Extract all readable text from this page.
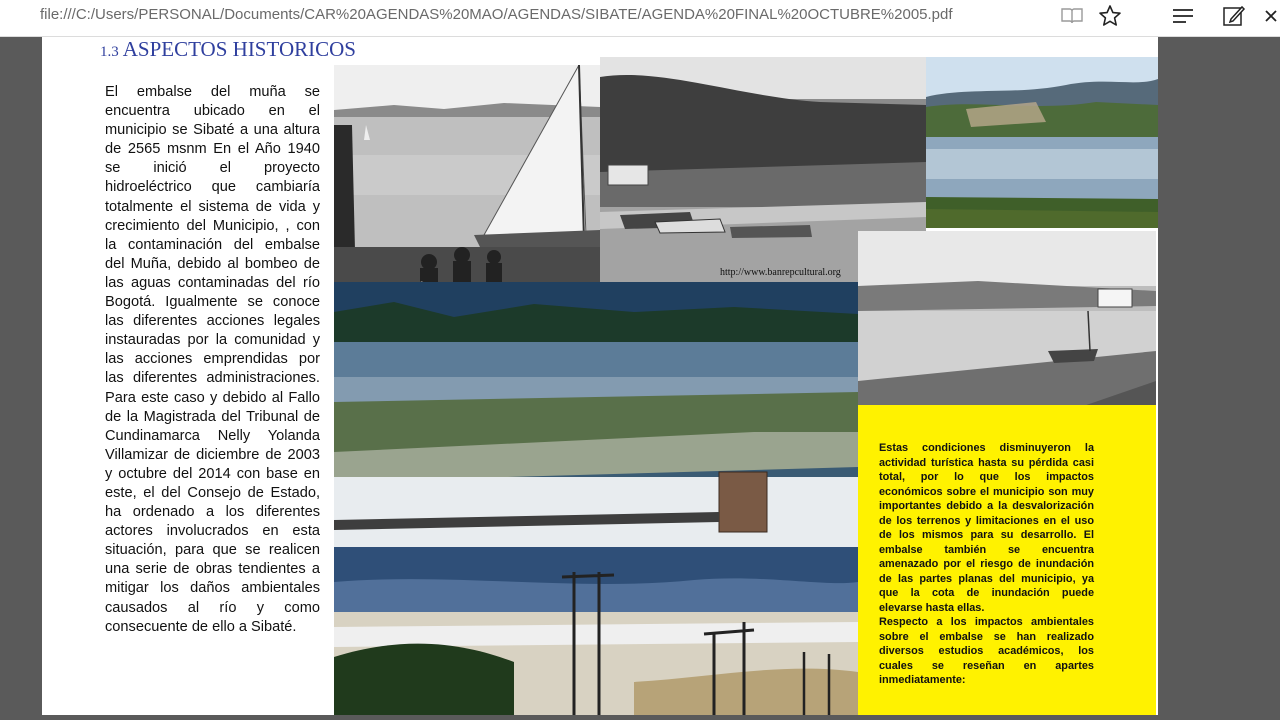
file:///C:/Users/PERSONAL/Documents/CAR%20AGENDAS%20MAO/AGENDAS/SIBATE/AGENDA%20FINAL%20OCTUBRE%2005.pdf
1.3 ASPECTOS HISTORICOS
El embalse del muña se encuentra ubicado en el municipio se Sibaté a una altura de 2565 msnm En el Año 1940 se inició el proyecto hidroeléctrico que cambiaría totalmente el sistema de vida y crecimiento del Municipio, , con la contaminación del embalse del Muña, debido al bombeo de las aguas contaminadas del río Bogotá. Igualmente se conoce las diferentes acciones legales instauradas por la comunidad y las acciones emprendidas por las diferentes administraciones. Para este caso y debido al Fallo de la Magistrada del Tribunal de Cundinamarca Nelly Yolanda Villamizar de diciembre de 2003 y octubre del 2014 con base en este, el del Consejo de Estado, ha ordenado a los diferentes actores involucrados en esta situación, para que se realicen una serie de obras tendientes a mitigar los daños ambientales causados al río y como consecuente de ello a Sibaté.
http://www.banrepcultural.org

Estas condiciones disminuyeron la actividad turística hasta su pérdida casi total, por lo que los impactos económicos sobre el municipio son muy importantes debido a la desvalorización de los terrenos y limitaciones en el uso de los mismos para su desarrollo. El embalse también se encuentra amenazado por el riesgo de inundación de las partes planas del municipio, ya que la cota de inundación puede elevarse hasta ellas.

Respecto a los impactos ambientales sobre el embalse se han realizado diversos estudios académicos, los cuales se reseñan en apartes inmediatamente:
